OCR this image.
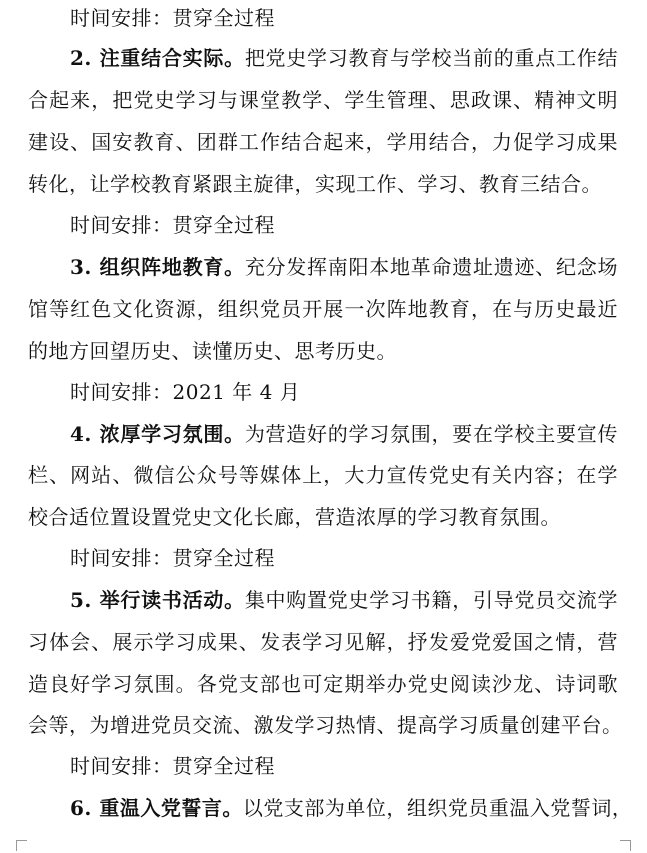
时间安排：贯穿全过程
2. 注重结合实际。把党史学习教育与学校当前的重点工作结
合起来，把党史学习与课堂教学、学生管理、思政课、精神文明
建设、国安教育、团群工作结合起来，学用结合，力促学习成果
转化，让学校教育紧跟主旋律，实现工作、学习、教育三结合。
时间安排：贯穿全过程
3. 组织阵地教育。充分发挥南阳本地革命遗址遗迹、纪念场
馆等红色文化资源，组织党员开展一次阵地教育，在与历史最近
的地方回望历史、读懂历史、思考历史。
时间安排：2021 年 4 月
4. 浓厚学习氛围。为营造好的学习氛围，要在学校主要宣传
栏、网站、微信公众号等媒体上，大力宣传党史有关内容；在学
校合适位置设置党史文化长廊，营造浓厚的学习教育氛围。
时间安排：贯穿全过程
5. 举行读书活动。集中购置党史学习书籍，引导党员交流学
习体会、展示学习成果、发表学习见解，抒发爱党爱国之情，营
造良好学习氛围。各党支部也可定期举办党史阅读沙龙、诗词歌
会等，为增进党员交流、激发学习热情、提高学习质量创建平台。
时间安排：贯穿全过程
6. 重温入党誓言。以党支部为单位，组织党员重温入党誓词，
